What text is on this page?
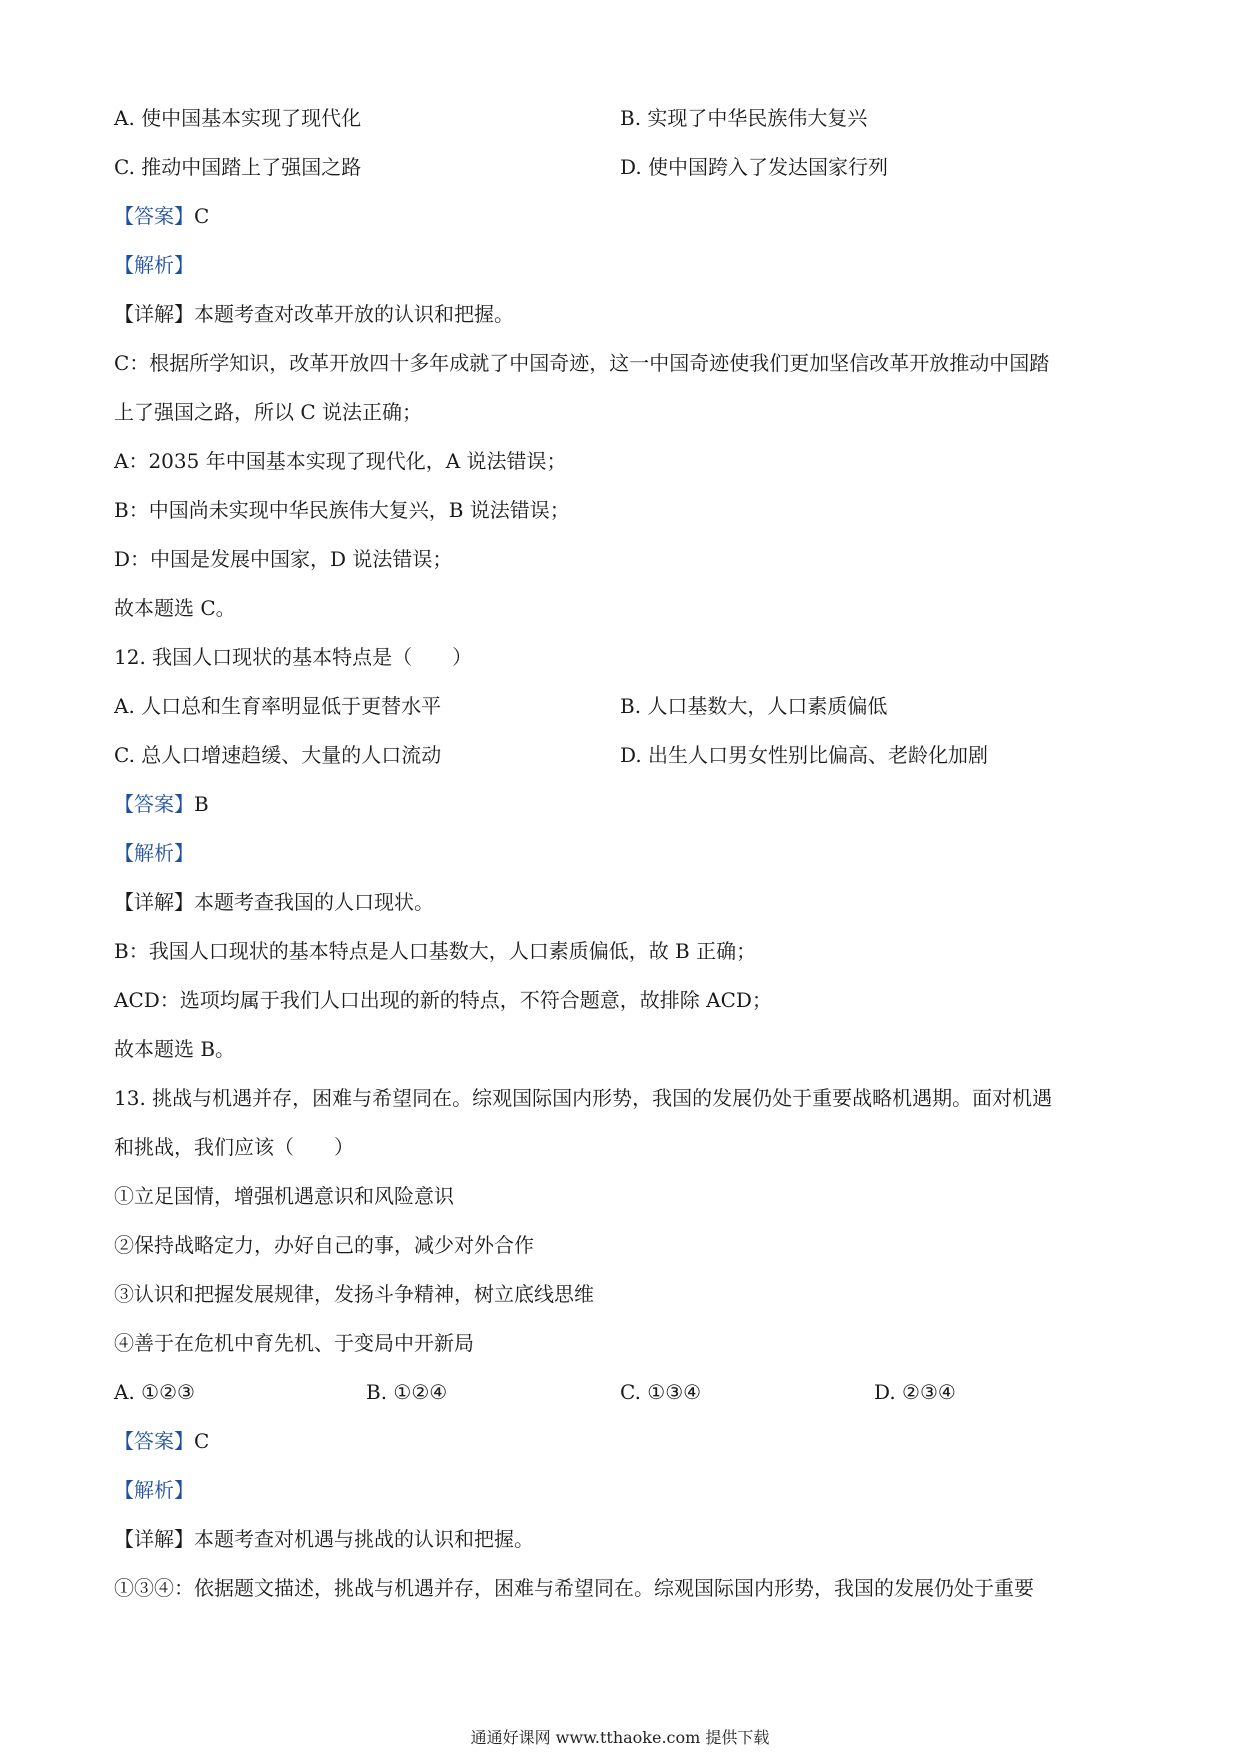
A. 使中国基本实现了现代化	B. 实现了中华民族伟大复兴
C. 推动中国踏上了强国之路	D. 使中国跨入了发达国家行列
【答案】C
【解析】
【详解】本题考查对改革开放的认识和把握。
C：根据所学知识，改革开放四十多年成就了中国奇迹，这一中国奇迹使我们更加坚信改革开放推动中国踏
上了强国之路，所以 C 说法正确；
A：2035 年中国基本实现了现代化，A 说法错误；
B：中国尚未实现中华民族伟大复兴，B 说法错误；
D：中国是发展中国家，D 说法错误；
故本题选 C。
12. 我国人口现状的基本特点是（　　）
A. 人口总和生育率明显低于更替水平	B. 人口基数大，人口素质偏低
C. 总人口增速趋缓、大量的人口流动	D. 出生人口男女性别比偏高、老龄化加剧
【答案】B
【解析】
【详解】本题考查我国的人口现状。
B：我国人口现状的基本特点是人口基数大，人口素质偏低，故 B 正确；
ACD：选项均属于我们人口出现的新的特点，不符合题意，故排除 ACD；
故本题选 B。
13. 挑战与机遇并存，困难与希望同在。综观国际国内形势，我国的发展仍处于重要战略机遇期。面对机遇
和挑战，我们应该（　　）
①立足国情，增强机遇意识和风险意识
②保持战略定力，办好自己的事，减少对外合作
③认识和把握发展规律，发扬斗争精神，树立底线思维
④善于在危机中育先机、于变局中开新局
A. ①②③	B. ①②④	C. ①③④	D. ②③④
【答案】C
【解析】
【详解】本题考查对机遇与挑战的认识和把握。
①③④：依据题文描述，挑战与机遇并存，困难与希望同在。综观国际国内形势，我国的发展仍处于重要
通通好课网 www.tthaoke.com 提供下载
